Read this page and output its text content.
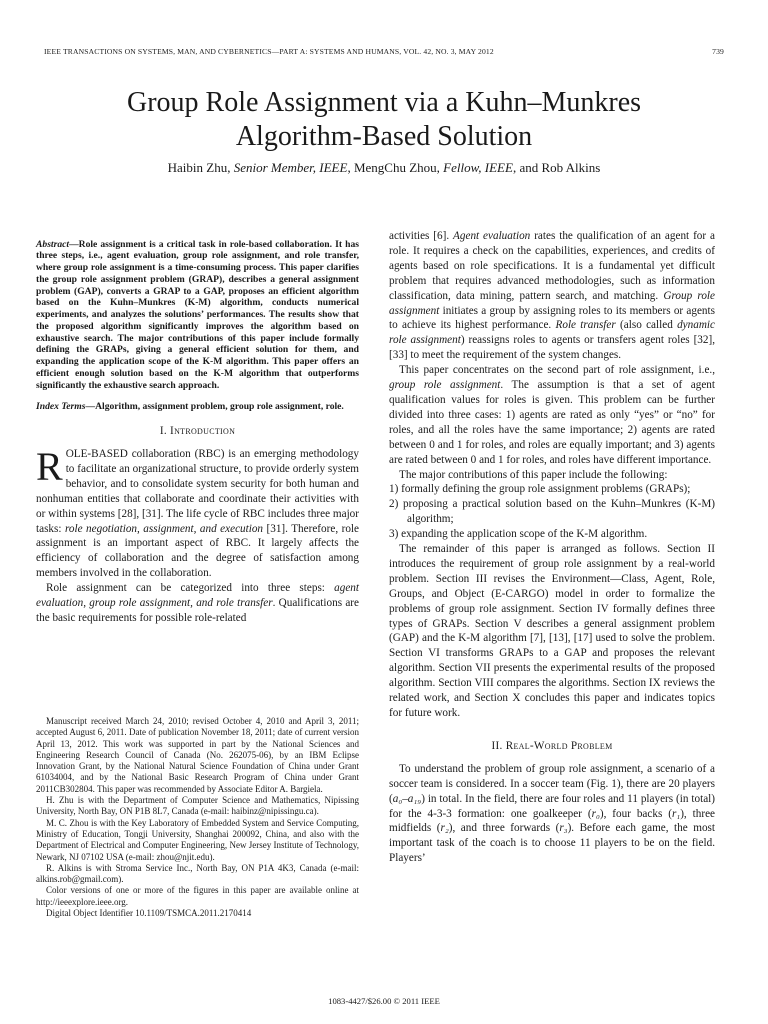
IEEE TRANSACTIONS ON SYSTEMS, MAN, AND CYBERNETICS—PART A: SYSTEMS AND HUMANS, VOL. 42, NO. 3, MAY 2012	739
Group Role Assignment via a Kuhn–Munkres
Algorithm-Based Solution
Haibin Zhu, Senior Member, IEEE, MengChu Zhou, Fellow, IEEE, and Rob Alkins

Abstract—Role assignment is a critical task in role-based collaboration. It has three steps, i.e., agent evaluation, group role assignment, and role transfer, where group role assignment is a time-consuming process. This paper clarifies the group role assignment problem (GRAP), describes a general assignment problem (GAP), converts a GRAP to a GAP, proposes an efficient algorithm based on the Kuhn–Munkres (K-M) algorithm, conducts numerical experiments, and analyzes the solutions’ performances. The results show that the proposed algorithm significantly improves the algorithm based on exhaustive search. The major contributions of this paper include formally defining the GRAPs, giving a general efficient solution for them, and expanding the application scope of the K-M algorithm. This paper offers an efficient enough solution based on the K-M algorithm that outperforms significantly the exhaustive search approach.

Index Terms—Algorithm, assignment problem, group role assignment, role.

I. Introduction

ROLE-BASED collaboration (RBC) is an emerging methodology to facilitate an organizational structure, to provide orderly system behavior, and to consolidate system security for both human and nonhuman entities that collaborate and coordinate their activities with or within systems [28], [31]. The life cycle of RBC includes three major tasks: role negotiation, assignment, and execution [31]. Therefore, role assignment is an important aspect of RBC. It largely affects the efficiency of collaboration and the degree of satisfaction among members involved in the collaboration.

Role assignment can be categorized into three steps: agent evaluation, group role assignment, and role transfer. Qualifications are the basic requirements for possible role-related

Manuscript received March 24, 2010; revised October 4, 2010 and April 3, 2011; accepted August 6, 2011. Date of publication November 18, 2011; date of current version April 13, 2012. This work was supported in part by the National Sciences and Engineering Research Council of Canada (No. 262075-06), by an IBM Eclipse Innovation Grant, by the National Natural Science Foundation of China under Grant 61034004, and by the National Basic Research Program of China under Grant 2011CB302804. This paper was recommended by Associate Editor A. Bargiela.

H. Zhu is with the Department of Computer Science and Mathematics, Nipissing University, North Bay, ON P1B 8L7, Canada (e-mail: haibinz@nipissingu.ca).

M. C. Zhou is with the Key Laboratory of Embedded System and Service Computing, Ministry of Education, Tongji University, Shanghai 200092, China, and also with the Department of Electrical and Computer Engineering, New Jersey Institute of Technology, Newark, NJ 07102 USA (e-mail: zhou@njit.edu).

R. Alkins is with Stroma Service Inc., North Bay, ON P1A 4K3, Canada (e-mail: alkins.rob@gmail.com).

Color versions of one or more of the figures in this paper are available online at http://ieeexplore.ieee.org.

Digital Object Identifier 10.1109/TSMCA.2011.2170414

activities [6]. Agent evaluation rates the qualification of an agent for a role. It requires a check on the capabilities, experiences, and credits of agents based on role specifications. It is a fundamental yet difficult problem that requires advanced methodologies, such as information classification, data mining, pattern search, and matching. Group role assignment initiates a group by assigning roles to its members or agents to achieve its highest performance. Role transfer (also called dynamic role assignment) reassigns roles to agents or transfers agent roles [32], [33] to meet the requirement of the system changes.

This paper concentrates on the second part of role assignment, i.e., group role assignment. The assumption is that a set of agent qualification values for roles is given. This problem can be further divided into three cases: 1) agents are rated as only “yes” or “no” for roles, and all the roles have the same importance; 2) agents are rated between 0 and 1 for roles, and roles are equally important; and 3) agents are rated between 0 and 1 for roles, and roles have different importance.

The major contributions of this paper include the following:

1) formally defining the group role assignment problems (GRAPs);
2) proposing a practical solution based on the Kuhn–Munkres (K-M) algorithm;
3) expanding the application scope of the K-M algorithm.

The remainder of this paper is arranged as follows. Section II introduces the requirement of group role assignment by a real-world problem. Section III revises the Environment—Class, Agent, Role, Groups, and Object (E-CARGO) model in order to formalize the problems of group role assignment. Section IV formally defines three types of GRAPs. Section V describes a general assignment problem (GAP) and the K-M algorithm [7], [13], [17] used to solve the problem. Section VI transforms GRAPs to a GAP and proposes the relevant algorithm. Section VII presents the experimental results of the proposed algorithm. Section VIII compares the algorithms. Section IX reviews the related work, and Section X concludes this paper and indicates topics for future work.

II. Real-World Problem

To understand the problem of group role assignment, a scenario of a soccer team is considered. In a soccer team (Fig. 1), there are 20 players (a₀–a₁₉) in total. In the field, there are four roles and 11 players (in total) for the 4-3-3 formation: one goalkeeper (r₀), four backs (r₁), three midfields (r₂), and three forwards (r₃). Before each game, the most important task of the coach is to choose 11 players to be on the field. Players’

1083-4427/$26.00 © 2011 IEEE
